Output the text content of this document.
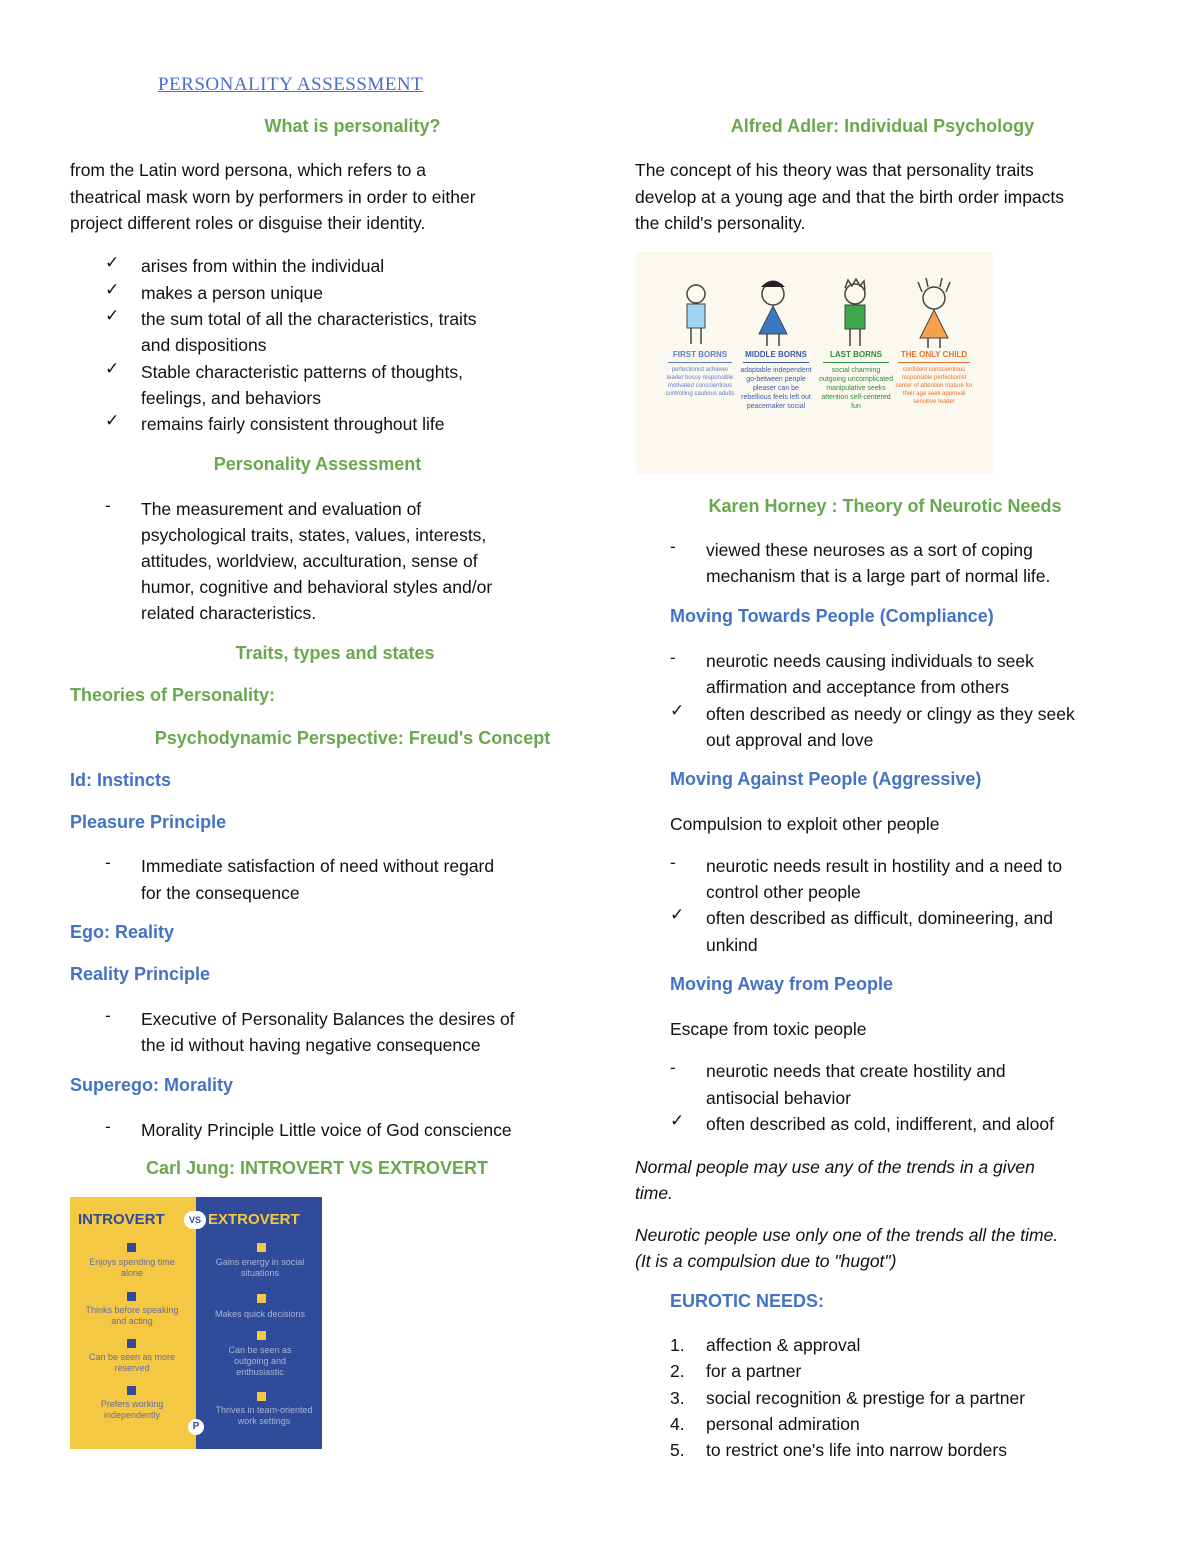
PERSONALITY ASSESSMENT
What is personality?
from the Latin word persona, which refers to a
theatrical mask worn by performers in order to either
project different roles or disguise their identity.
✓ arises from within the individual
✓ makes a person unique
✓ the sum total of all the characteristics, traits
and dispositions
✓ Stable characteristic patterns of thoughts,
feelings, and behaviors
✓ remains fairly consistent throughout life
Personality Assessment
- The measurement and evaluation of
psychological traits, states, values, interests,
attitudes, worldview, acculturation, sense of
humor, cognitive and behavioral styles and/or
related characteristics.
Traits, types and states
Theories of Personality:
Psychodynamic Perspective: Freud's Concept
Id: Instincts
Pleasure Principle
- Immediate satisfaction of need without regard
for the consequence
Ego: Reality
Reality Principle
- Executive of Personality Balances the desires of
the id without having negative consequence
Superego: Morality
- Morality Principle Little voice of God conscience
Carl Jung: INTROVERT VS EXTROVERT
INTROVERT	VS EXTROVERT
Enjoys spending time alone
Thinks before speaking and acting
Can be seen as more reserved
Prefers working independently
Gains energy in social situations
Makes quick decisions
Can be seen as outgoing and enthusiastic
Thrives in team-oriented work settings
P
Alfred Adler: Individual Psychology
The concept of his theory was that personality traits
develop at a young age and that the birth order impacts
the child's personality.
FIRST BORNS
perfectionist achiever leader bossy responsible motivated conscientious controlling cautious adults
MIDDLE BORNS
adaptable independent go-between people pleaser can be rebellious feels left out peacemaker social
LAST BORNS
social charming outgoing uncomplicated manipulative seeks attention self-centered fun
THE ONLY CHILD
confident conscientious responsible perfectionist center of attention mature for their age seek approval sensitive leader
Karen Horney : Theory of Neurotic Needs
- viewed these neuroses as a sort of coping
mechanism that is a large part of normal life.
Moving Towards People (Compliance)
- neurotic needs causing individuals to seek
affirmation and acceptance from others
✓ often described as needy or clingy as they seek
out approval and love
Moving Against People (Aggressive)
Compulsion to exploit other people
- neurotic needs result in hostility and a need to
control other people
✓ often described as difficult, domineering, and
unkind
Moving Away from People
Escape from toxic people
- neurotic needs that create hostility and
antisocial behavior
✓ often described as cold, indifferent, and aloof
Normal people may use any of the trends in a given
time.
Neurotic people use only one of the trends all the time.
(It is a compulsion due to "hugot")
EUROTIC NEEDS:
1. affection & approval
2. for a partner
3. social recognition & prestige for a partner
4. personal admiration
5. to restrict one's life into narrow borders
